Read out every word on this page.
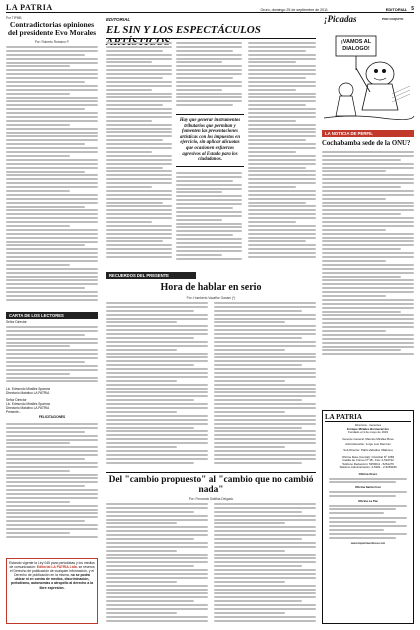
LA PATRIA	Oruro, domingo 25 de septiembre de 2011	EDITORIAL 5
Por TIPMB
Contradictorias opiniones del presidente Evo Morales
Por: Roberto Romano P.
CARTA DE LOS LECTORES
Señor Director:
Lic. Edmundo Mirallés Sparrow
Directorio Matutino LA PATRIA
Señor Director
Lic. Edmundo Mirallés Sparrow
Directorio Matutino LA PATRIA
Presente.-
FELICITACIONES
Estando vigente la Ley 045 para periodistas y los medios de comunicación: Editorial LA PATRIA Ltda. se reserva el Derecho de publicación de cualquier información, y el Derecho de publicación en la misma, no se podrá ubicar ni en contra de medios, discriminación, periodismo, autonomías o atropello al derecho a la libre expresión.
EDITORIAL
EL SIN Y LOS ESPECTÁCULOS
Hay que generar instrumentos tributarios que permitan y fomenten las presentaciones artísticas con los impuestos en ejercicio, sin aplicar alícuotas que ocasionen esfuerzos agresivos al Estado para los ciudadanos.
RECUERDOS DEL PRESENTE
Hora de hablar en serio
Por: Humberto Vacaflor Ganam (*)
Del "cambio propuesto" al "cambio que no cambió nada"
Por: Fernando Saliñas Delgado
¡Picadas	POR COQUITO
¡VAMOS AL
DIALOGO!
LA NOTICIA DE PERFIL
Cochabamba sede de la ONU?
LA PATRIA
Directora - Gerentes
Enrique Miralles Bonnecarrère
Fundado el 4 de mayo de 1919
Gerente General: Marcelo Miralles Bove
Administración: Jorge Luis Ramírez
Sub Director: Pablo Zeballos Villabona
Oficina Ruta (Central): Cristóbal Nº 1683
Casilla de Correo Nº 48 - Fax: 2-524722
Teléfono Redacción: 5250011 - 5261270
Teléfono Administración: 2-5281 - 2-5281180
Oficina Oruro
Oficina Santa Cruz
Oficina La Paz
www.lapatriaenlinea.com
